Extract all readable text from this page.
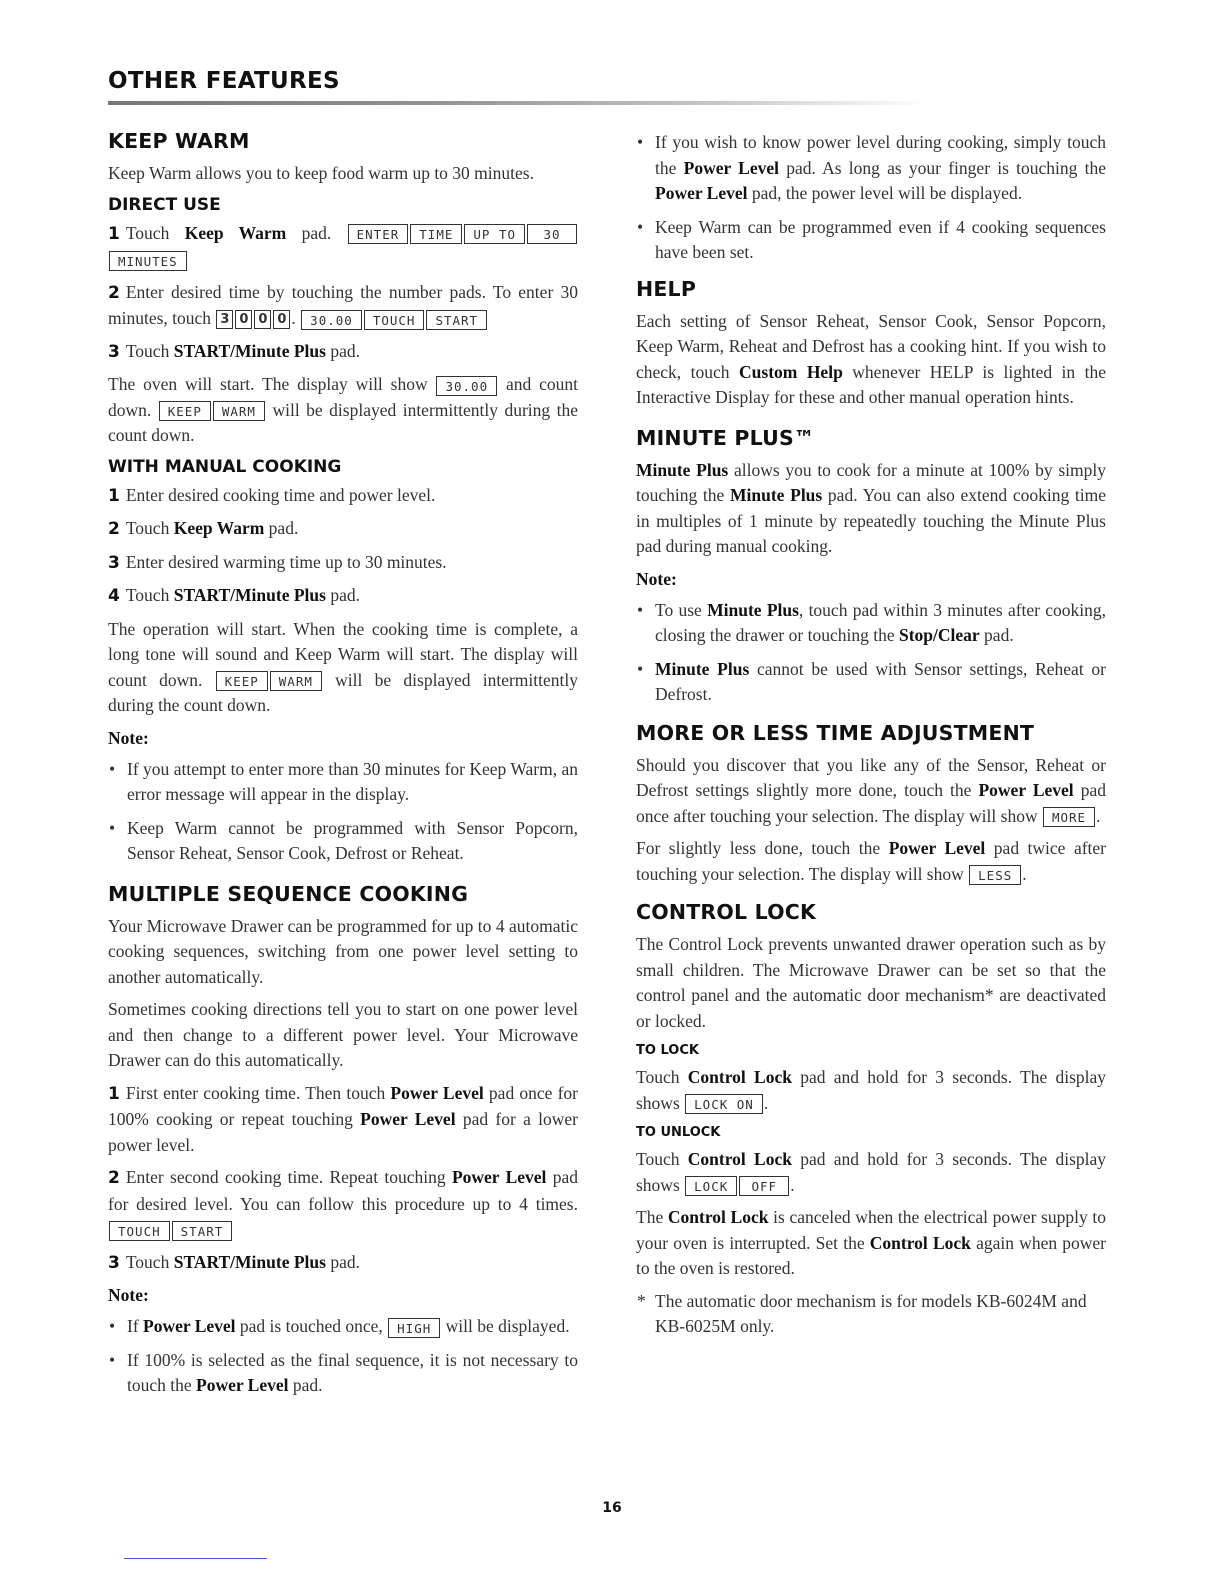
OTHER FEATURES
KEEP WARM

Keep Warm allows you to keep food warm up to 30 minutes.

DIRECT USE

1 Touch Keep Warm pad. ENTER TIME UP TO 30MINUTES

2 Enter desired time by touching the number pads. To enter 30 minutes, touch 3 0 0 0 . 30.00 TOUCH START

3 Touch START/Minute Plus pad.

The oven will start. The display will show 30.00 and count down. KEEP WARM will be displayed intermittently during the count down.

WITH MANUAL COOKING

1 Enter desired cooking time and power level.

2 Touch Keep Warm pad.

3 Enter desired warming time up to 30 minutes.

4 Touch START/Minute Plus pad.

The operation will start. When the cooking time is complete, a long tone will sound and Keep Warm will start. The display will count down. KEEP WARM will be displayed intermittently during the count down.

Note:

• If you attempt to enter more than 30 minutes for Keep Warm, an error message will appear in the display.
• Keep Warm cannot be programmed with Sensor Popcorn, Sensor Reheat, Sensor Cook, Defrost or Reheat.
MULTIPLE SEQUENCE COOKING

Your Microwave Drawer can be programmed for up to 4 automatic cooking sequences, switching from one power level setting to another automatically.

Sometimes cooking directions tell you to start on one power level and then change to a different power level. Your Microwave Drawer can do this automatically.

1 First enter cooking time. Then touch Power Level pad once for 100% cooking or repeat touching Power Level pad for a lower power level.

2 Enter second cooking time. Repeat touching Power Level pad for desired level. You can follow this procedure up to 4 times. TOUCH START

3 Touch START/Minute Plus pad.

Note:

• If Power Level pad is touched once, HIGH will be displayed.
• If 100% is selected as the final sequence, it is not necessary to touch the Power Level pad.
• If you wish to know power level during cooking, simply touch the Power Level pad. As long as your finger is touching the Power Level pad, the power level will be displayed.
• Keep Warm can be programmed even if 4 cooking sequences have been set.
HELP

Each setting of Sensor Reheat, Sensor Cook, Sensor Popcorn, Keep Warm, Reheat and Defrost has a cooking hint. If you wish to check, touch Custom Help whenever HELP is lighted in the Interactive Display for these and other manual operation hints.

MINUTE PLUS™

Minute Plus allows you to cook for a minute at 100% by simply touching the Minute Plus pad. You can also extend cooking time in multiples of 1 minute by repeatedly touching the Minute Plus pad during manual cooking.

Note:

• To use Minute Plus, touch pad within 3 minutes after cooking, closing the drawer or touching the Stop/Clear pad.
• Minute Plus cannot be used with Sensor settings, Reheat or Defrost.
MORE OR LESS TIME ADJUSTMENT

Should you discover that you like any of the Sensor, Reheat or Defrost settings slightly more done, touch the Power Level pad once after touching your selection. The display will show MORE .

For slightly less done, touch the Power Level pad twice after touching your selection. The display will show LESS .

CONTROL LOCK

The Control Lock prevents unwanted drawer operation such as by small children. The Microwave Drawer can be set so that the control panel and the automatic door mechanism* are deactivated or locked.

TO LOCK

Touch Control Lock pad and hold for 3 seconds. The display shows LOCK ON .

TO UNLOCK

Touch Control Lock pad and hold for 3 seconds. The display shows LOCK OFF .

The Control Lock is canceled when the electrical power supply to your oven is interrupted. Set the Control Lock again when power to the oven is restored.

* The automatic door mechanism is for models KB-6024M and KB-6025M only.
16
